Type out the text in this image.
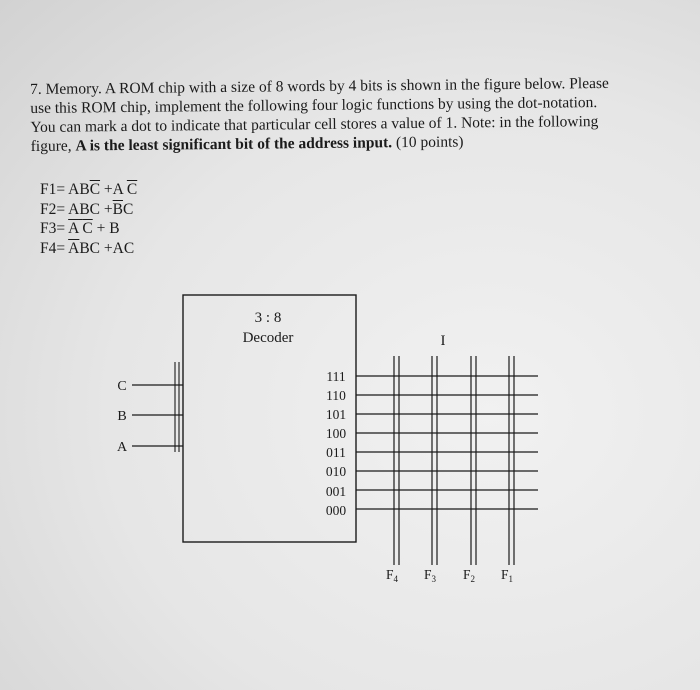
7. Memory. A ROM chip with a size of 8 words by 4 bits is shown in the figure below. Please
use this ROM chip, implement the following four logic functions by using the dot-notation.
You can mark a dot to indicate that particular cell stores a value of 1. Note: in the following
figure, A is the least significant bit of the address input. (10 points)
$F1= AB\overline{C} +A$ $\overline{C}$
F2= ABC $+\overline{B}C$
$F3= \overline{A}$ $\overline{C} + B$
$F4= \overline{A}BC +AC$
3 : 8
Decoder
C
B
A
111
110
101
100
011
010
001
000
I
$F_4$ $F_3$ $F_2$ $F_1$
